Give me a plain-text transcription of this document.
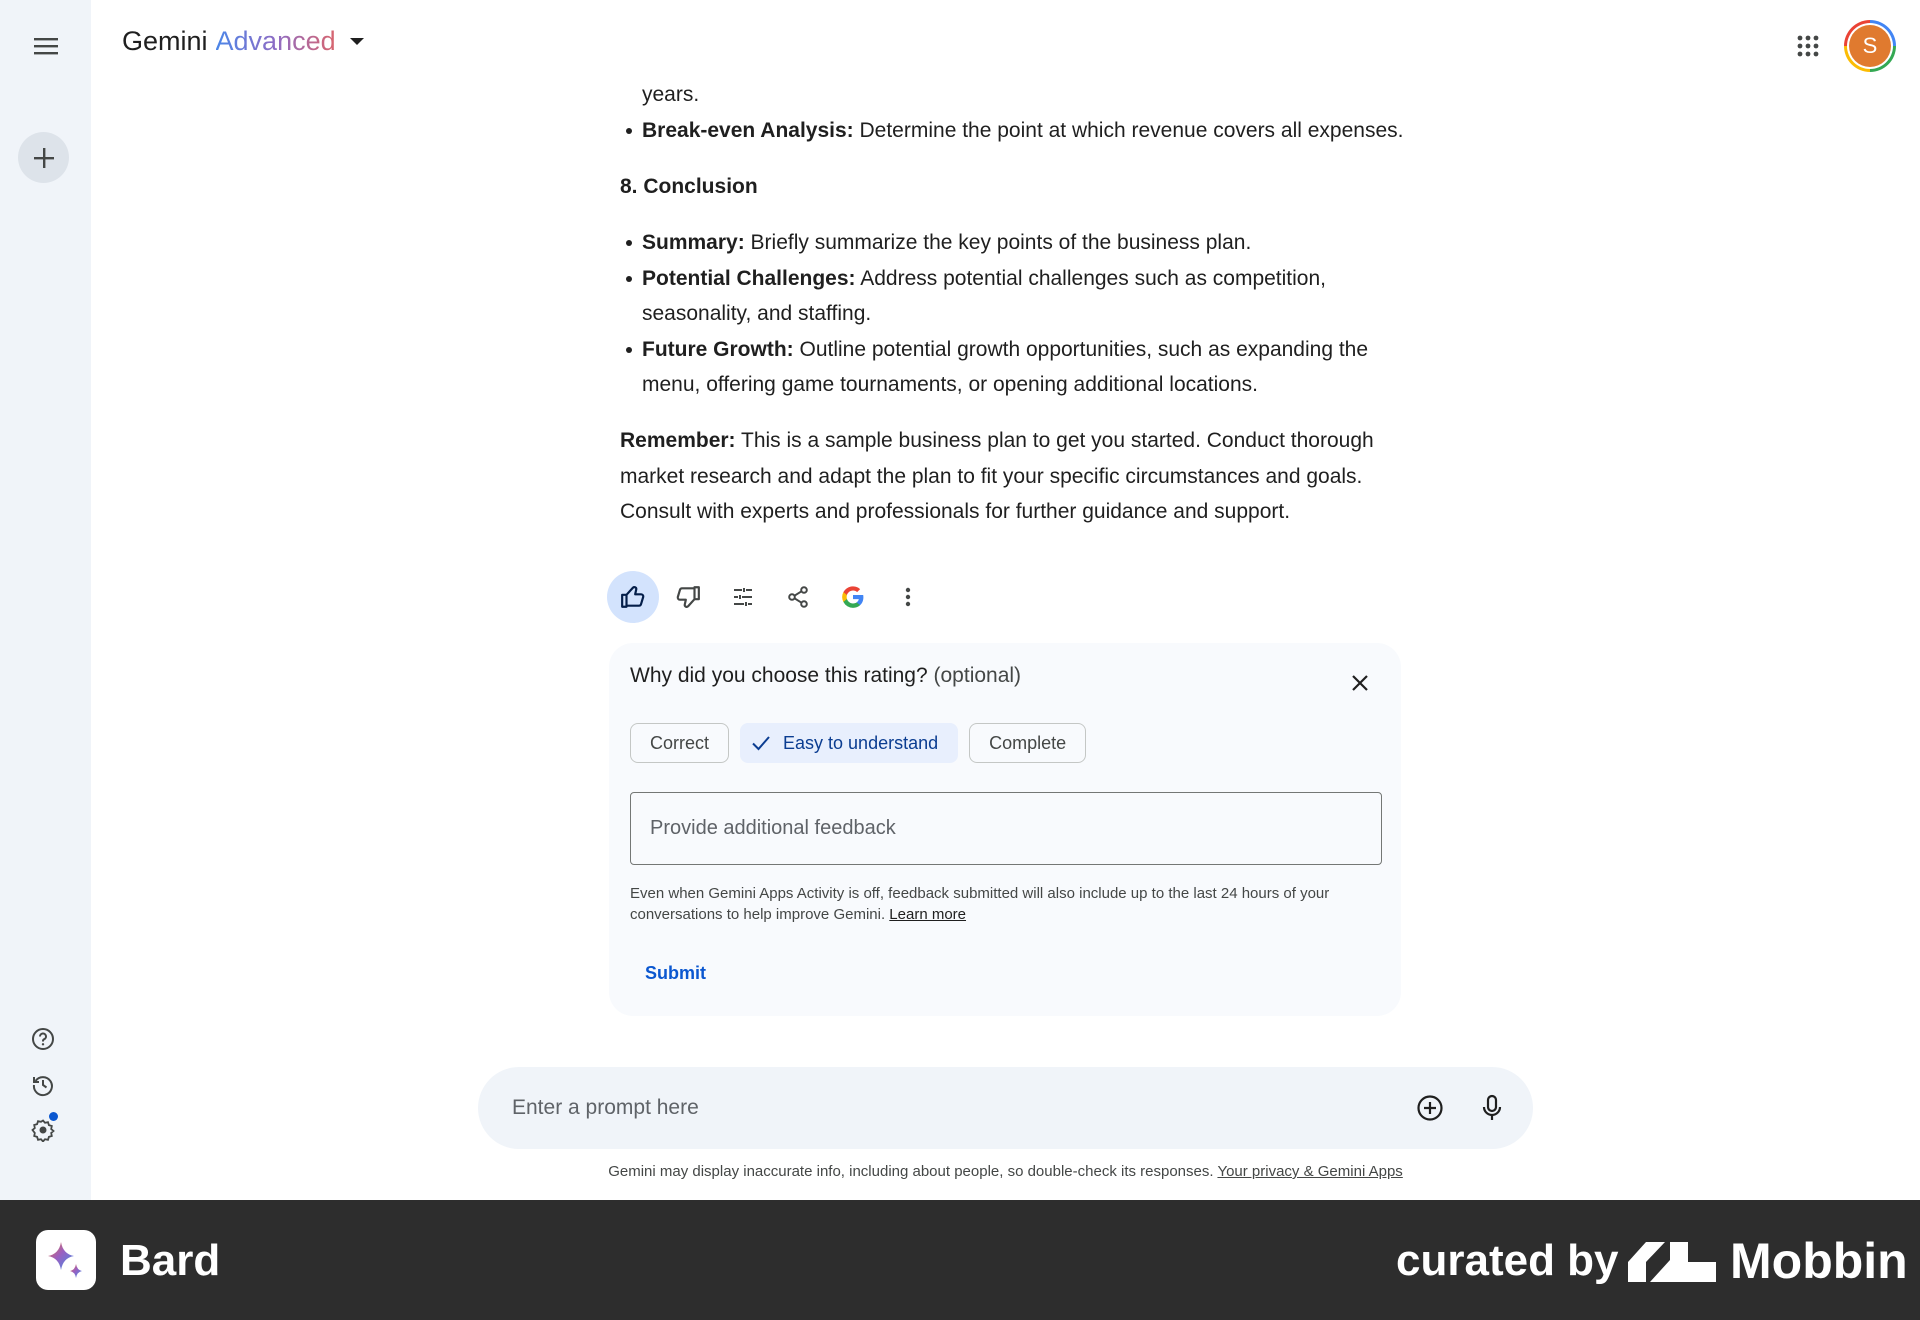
Gemini Advanced	S
years.
Break-even Analysis: Determine the point at which revenue covers all expenses.
8. Conclusion
Summary: Briefly summarize the key points of the business plan.
Potential Challenges: Address potential challenges such as competition, seasonality, and staffing.
Future Growth: Outline potential growth opportunities, such as expanding the menu, offering game tournaments, or opening additional locations.

Remember: This is a sample business plan to get you started. Conduct thorough market research and adapt the plan to fit your specific circumstances and goals. Consult with experts and professionals for further guidance and support.

Why did you choose this rating? (optional)
Correct	Easy to understand	Complete
Provide additional feedback

Even when Gemini Apps Activity is off, feedback submitted will also include up to the last 24 hours of your conversations to help improve Gemini. Learn more

Submit
Enter a prompt here

Gemini may display inaccurate info, including about people, so double-check its responses. Your privacy & Gemini Apps

Bard	curated by Mobbin
